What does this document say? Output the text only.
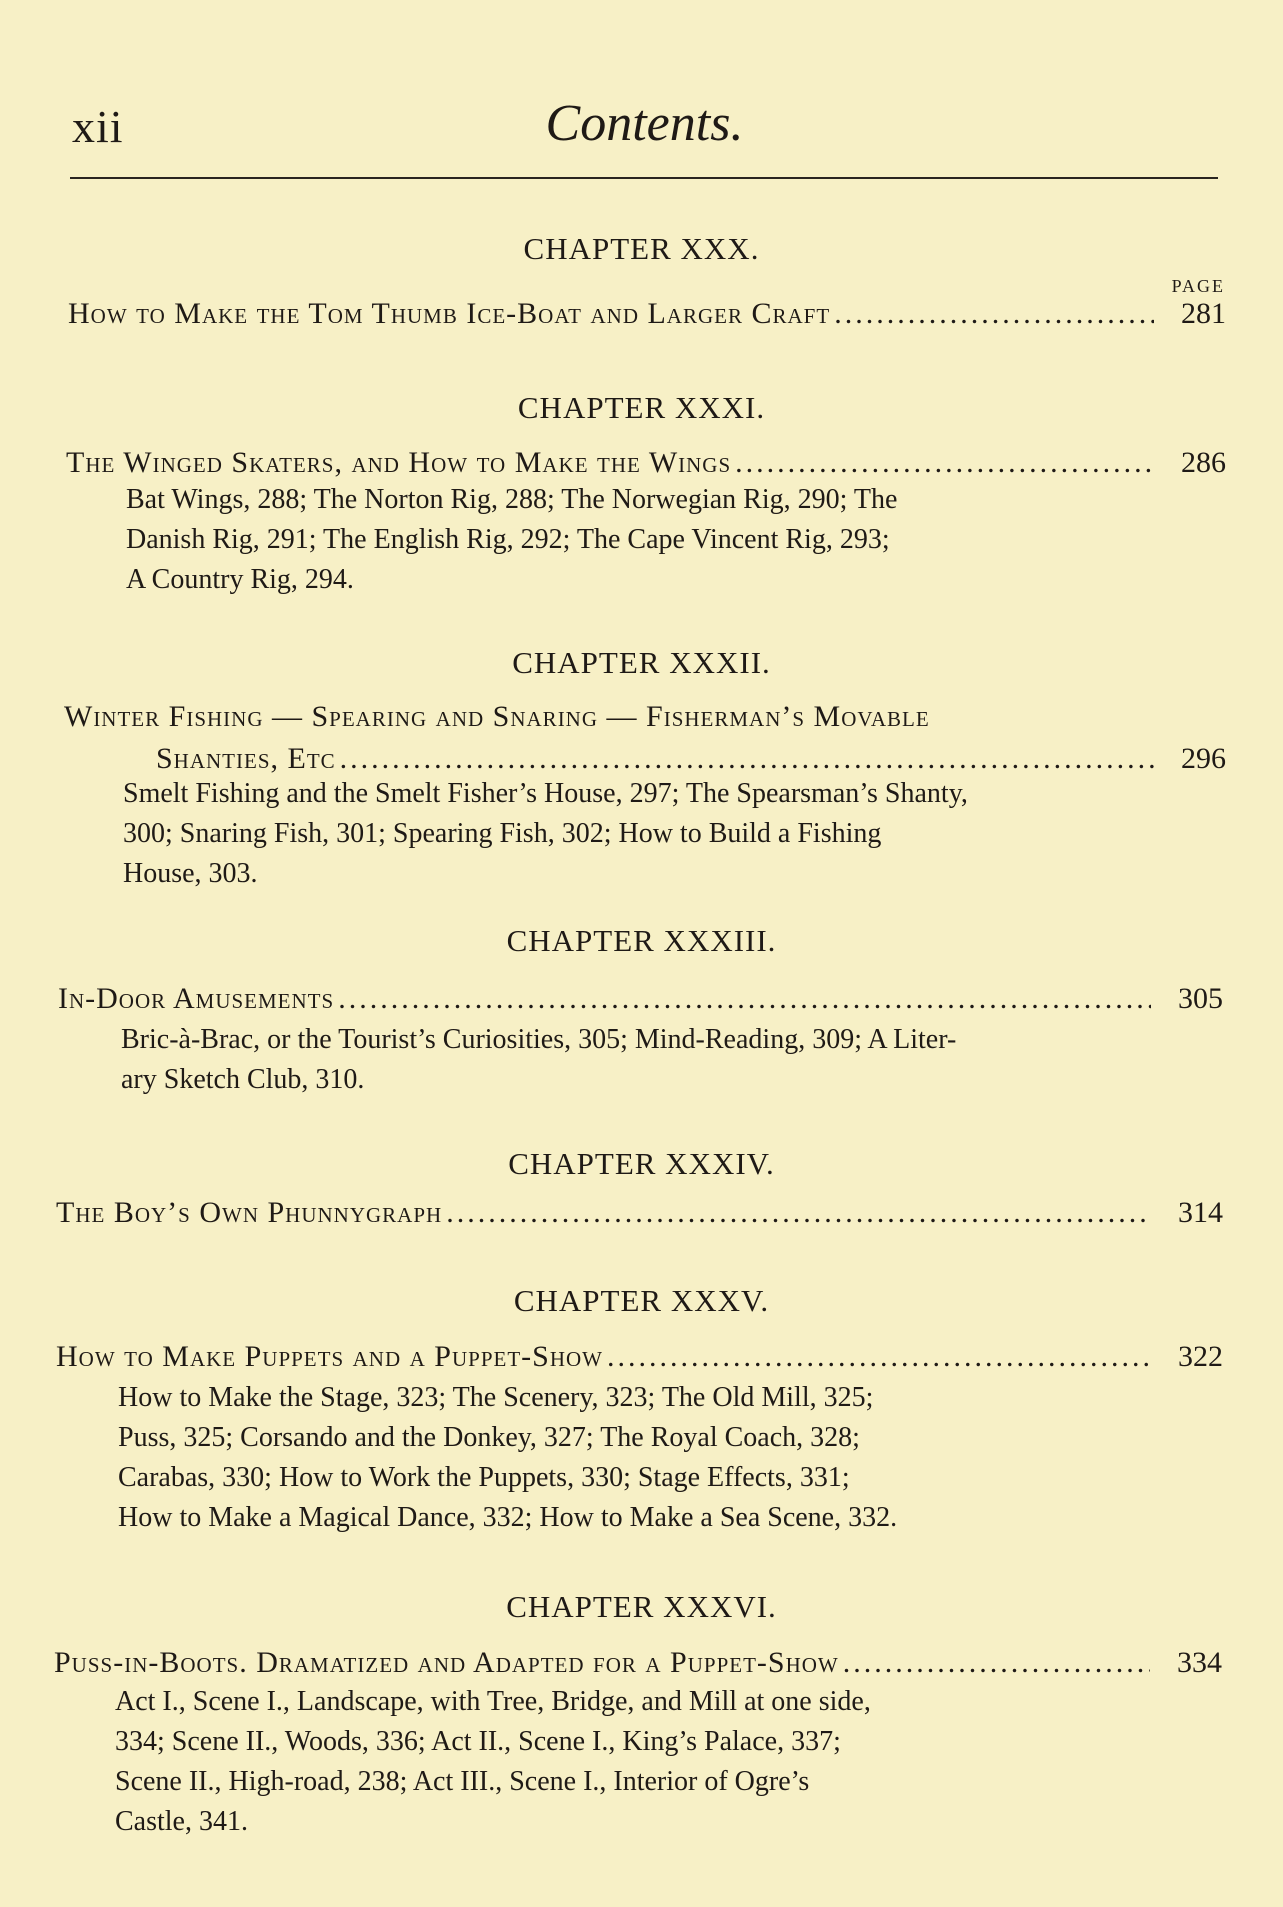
xii	Contents.
CHAPTER XXX.
PAGE
How to Make the Tom Thumb Ice-Boat and Larger Craft .....	281
CHAPTER XXXI.
The Winged Skaters, and How to Make the Wings .....	286
Bat Wings, 288; The Norton Rig, 288; The Norwegian Rig, 290; The
Danish Rig, 291; The English Rig, 292; The Cape Vincent Rig, 293;
A Country Rig, 294.
CHAPTER XXXII.
Winter Fishing — Spearing and Snaring — Fisherman’s Movable
Shanties, Etc .....	296
Smelt Fishing and the Smelt Fisher’s House, 297; The Spearsman’s Shanty,
300; Snaring Fish, 301; Spearing Fish, 302; How to Build a Fishing
House, 303.
CHAPTER XXXIII.
In-Door Amusements .....	305
Bric-à-Brac, or the Tourist’s Curiosities, 305; Mind-Reading, 309; A Liter-
ary Sketch Club, 310.
CHAPTER XXXIV.
The Boy’s Own Phunnygraph .....	314
CHAPTER XXXV.
How to Make Puppets and a Puppet-Show .....	322
How to Make the Stage, 323; The Scenery, 323; The Old Mill, 325;
Puss, 325; Corsando and the Donkey, 327; The Royal Coach, 328;
Carabas, 330; How to Work the Puppets, 330; Stage Effects, 331;
How to Make a Magical Dance, 332; How to Make a Sea Scene, 332.
CHAPTER XXXVI.
Puss-in-Boots. Dramatized and Adapted for a Puppet-Show .....	334
Act I., Scene I., Landscape, with Tree, Bridge, and Mill at one side,
334; Scene II., Woods, 336; Act II., Scene I., King’s Palace, 337;
Scene II., High-road, 238; Act III., Scene I., Interior of Ogre’s
Castle, 341.
